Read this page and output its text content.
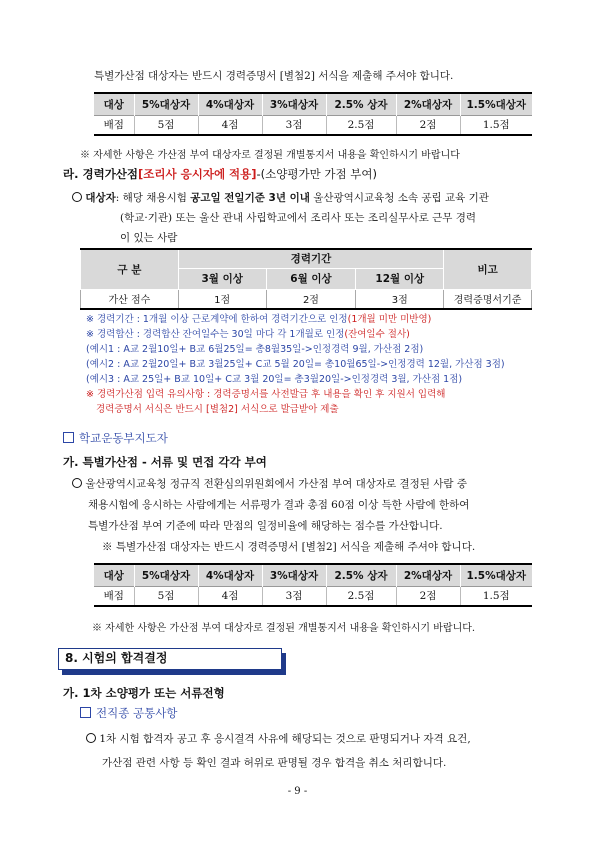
특별가산점 대상자는 반드시 경력증명서 [별첨2] 서식을 제출해 주셔야 합니다.
대상	5%대상자	4%대상자	3%대상자	2.5% 상자	2%대상자	1.5%대상자
배점	5점	4점	3점	2.5점	2점	1.5점
※ 자세한 사항은 가산점 부여 대상자로 결정된 개별통지서 내용을 확인하시기 바랍니다
라. 경력가산점[조리사 응시자에 적용]-(소양평가만 가점 부여)
대상자: 해당 채용시험 공고일 전일기준 3년 이내 울산광역시교육청 소속 공립 교육 기관
(학교·기관) 또는 울산 관내 사립학교에서 조리사 또는 조리실무사로 근무 경력
이 있는 사람
구 분	경력기간			비고
	3월 이상	6월 이상	12월 이상	
가산 점수	1점	2점	3점	경력증명서기준
※ 경력기간 : 1개월 이상 근로계약에 한하여 경력기간으로 인정(1개월 미만 미반영)
※ 경력합산 : 경력합산 잔여일수는 30일 마다 각 1개월로 인정(잔여일수 절사)
(예시1 : A교 2월10일+ B교 6월25일= 총8월35일->인정경력 9월, 가산점 2점)
(예시2 : A교 2월20일+ B교 3월25일+ C교 5월 20일= 총10월65일->인정경력 12월, 가산점 3점)
(예시3 : A교 25일+ B교 10일+ C교 3월 20일= 총3월20일->인정경력 3월, 가산점 1점)
※ 경력가산점 입력 유의사항 : 경력증명서를 사전발급 후 내용을 확인 후 지원서 입력해
경력증명서 서식은 반드시 [별첨2] 서식으로 발급받아 제출
학교운동부지도자
가. 특별가산점 - 서류 및 면접 각각 부여
울산광역시교육청 정규직 전환심의위원회에서 가산점 부여 대상자로 결정된 사람 중
채용시험에 응시하는 사람에게는 서류평가 결과 총점 60점 이상 득한 사람에 한하여
특별가산점 부여 기준에 따라 만점의 일정비율에 해당하는 점수를 가산합니다.
※ 특별가산점 대상자는 반드시 경력증명서 [별첨2] 서식을 제출해 주셔야 합니다.
대상	5%대상자	4%대상자	3%대상자	2.5% 상자	2%대상자	1.5%대상자
배점	5점	4점	3점	2.5점	2점	1.5점
※ 자세한 사항은 가산점 부여 대상자로 결정된 개별통지서 내용을 확인하시기 바랍니다.
8. 시험의 합격결정
가. 1차 소양평가 또는 서류전형
전직종 공통사항
1차 시험 합격자 공고 후 응시결격 사유에 해당되는 것으로 판명되거나 자격 요건,
가산점 관련 사항 등 확인 결과 허위로 판명될 경우 합격을 취소 처리합니다.
- 9 -
